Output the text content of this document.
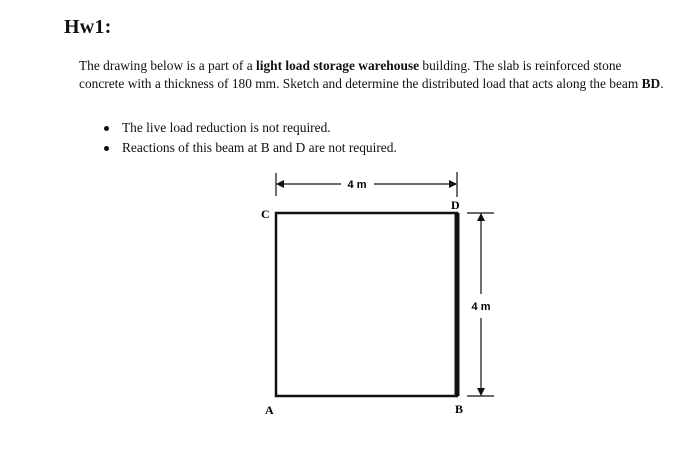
Hw1:
The drawing below is a part of a light load storage warehouse building. The slab is reinforced stone concrete with a thickness of 180 mm. Sketch and determine the distributed load that acts along the beam BD.
The live load reduction is not required.
Reactions of this beam at B and D are not required.
4 m
4 m
C
D
A	B
